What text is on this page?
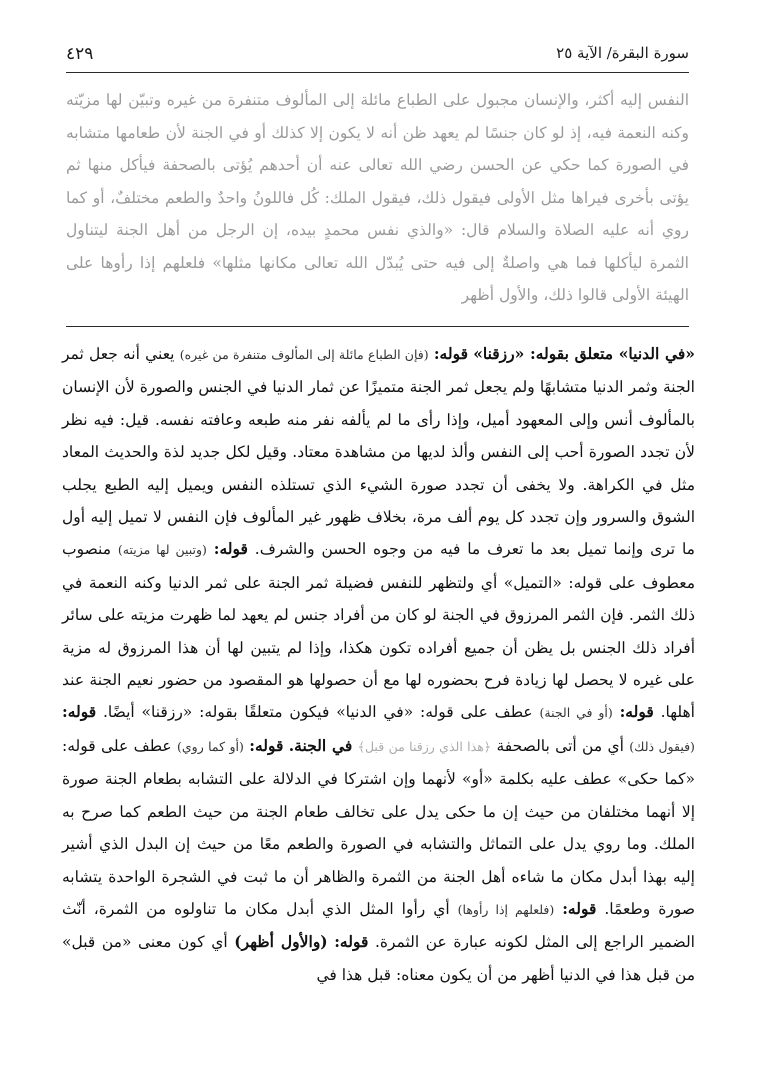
٤٢٩	سورة البقرة/ الآية ٢٥

النفس إليه أكثر، والإنسان مجبول على الطباع مائلة إلى المألوف متنفرة من غيره وتبيّن لها مزيّته وكنه النعمة فيه، إذ لو كان جنسًا لم يعهد ظن أنه لا يكون إلا كذلك أو في الجنة لأن طعامها متشابه في الصورة كما حكي عن الحسن رضي الله تعالى عنه أن أحدهم يُؤتى بالصحفة فيأكل منها ثم يؤتى بأخرى فيراها مثل الأولى فيقول ذلك، فيقول الملك: كُل فاللونُ واحدٌ والطعم مختلفٌ، أو كما روي أنه عليه الصلاة والسلام قال: «والذي نفس محمدٍ بيده، إن الرجل من أهل الجنة ليتناول الثمرة ليأكلها فما هي واصلةٌ إلى فيه حتى يُبدّل الله تعالى مكانها مثلها» فلعلهم إذا رأوها على الهيئة الأولى قالوا ذلك، والأول أظهر

«في الدنيا» متعلق بقوله: «رزقنا» قوله: (فإن الطباع مائلة إلى المألوف متنفرة من غيره) يعني أنه جعل ثمر الجنة وثمر الدنيا متشابهًا ولم يجعل ثمر الجنة متميزًا عن ثمار الدنيا في الجنس والصورة لأن الإنسان بالمألوف أنس وإلى المعهود أميل، وإذا رأى ما لم يألفه نفر منه طبعه وعافته نفسه. قيل: فيه نظر لأن تجدد الصورة أحب إلى النفس وألذ لديها من مشاهدة معتاد. وقيل لكل جديد لذة والحديث المعاد مثل في الكراهة. ولا يخفى أن تجدد صورة الشيء الذي تستلذه النفس ويميل إليه الطبع يجلب الشوق والسرور وإن تجدد كل يوم ألف مرة، بخلاف ظهور غير المألوف فإن النفس لا تميل إليه أول ما ترى وإنما تميل بعد ما تعرف ما فيه من وجوه الحسن والشرف. قوله: (وتبين لها مزيته) منصوب معطوف على قوله: «التميل» أي ولتظهر للنفس فضيلة ثمر الجنة على ثمر الدنيا وكنه النعمة في ذلك الثمر. فإن الثمر المرزوق في الجنة لو كان من أفراد جنس لم يعهد لما ظهرت مزيته على سائر أفراد ذلك الجنس بل يظن أن جميع أفراده تكون هكذا، وإذا لم يتبين لها أن هذا المرزوق له مزية على غيره لا يحصل لها زيادة فرح بحضوره لها مع أن حصولها هو المقصود من حضور نعيم الجنة عند أهلها. قوله: (أو في الجنة) عطف على قوله: «في الدنيا» فيكون متعلقًا بقوله: «رزقنا» أيضًا. قوله: (فيقول ذلك) أي من أتى بالصحفة ﴿هذا الذي رزقنا من قبل﴾ في الجنة. قوله: (أو كما روي) عطف على قوله: «كما حكى» عطف عليه بكلمة «أو» لأنهما وإن اشتركا في الدلالة على التشابه بطعام الجنة صورة إلا أنهما مختلفان من حيث إن ما حكى يدل على تخالف طعام الجنة من حيث الطعم كما صرح به الملك. وما روي يدل على التماثل والتشابه في الصورة والطعم معًا من حيث إن البدل الذي أشير إليه بهذا أبدل مكان ما شاءه أهل الجنة من الثمرة والظاهر أن ما ثبت في الشجرة الواحدة يتشابه صورة وطعمًا. قوله: (فلعلهم إذا رأوها) أي رأوا المثل الذي أبدل مكان ما تناولوه من الثمرة، أنّث الضمير الراجع إلى المثل لكونه عبارة عن الثمرة. قوله: (والأول أظهر) أي كون معنى «من قبل» من قبل هذا في الدنيا أظهر من أن يكون معناه: قبل هذا في
